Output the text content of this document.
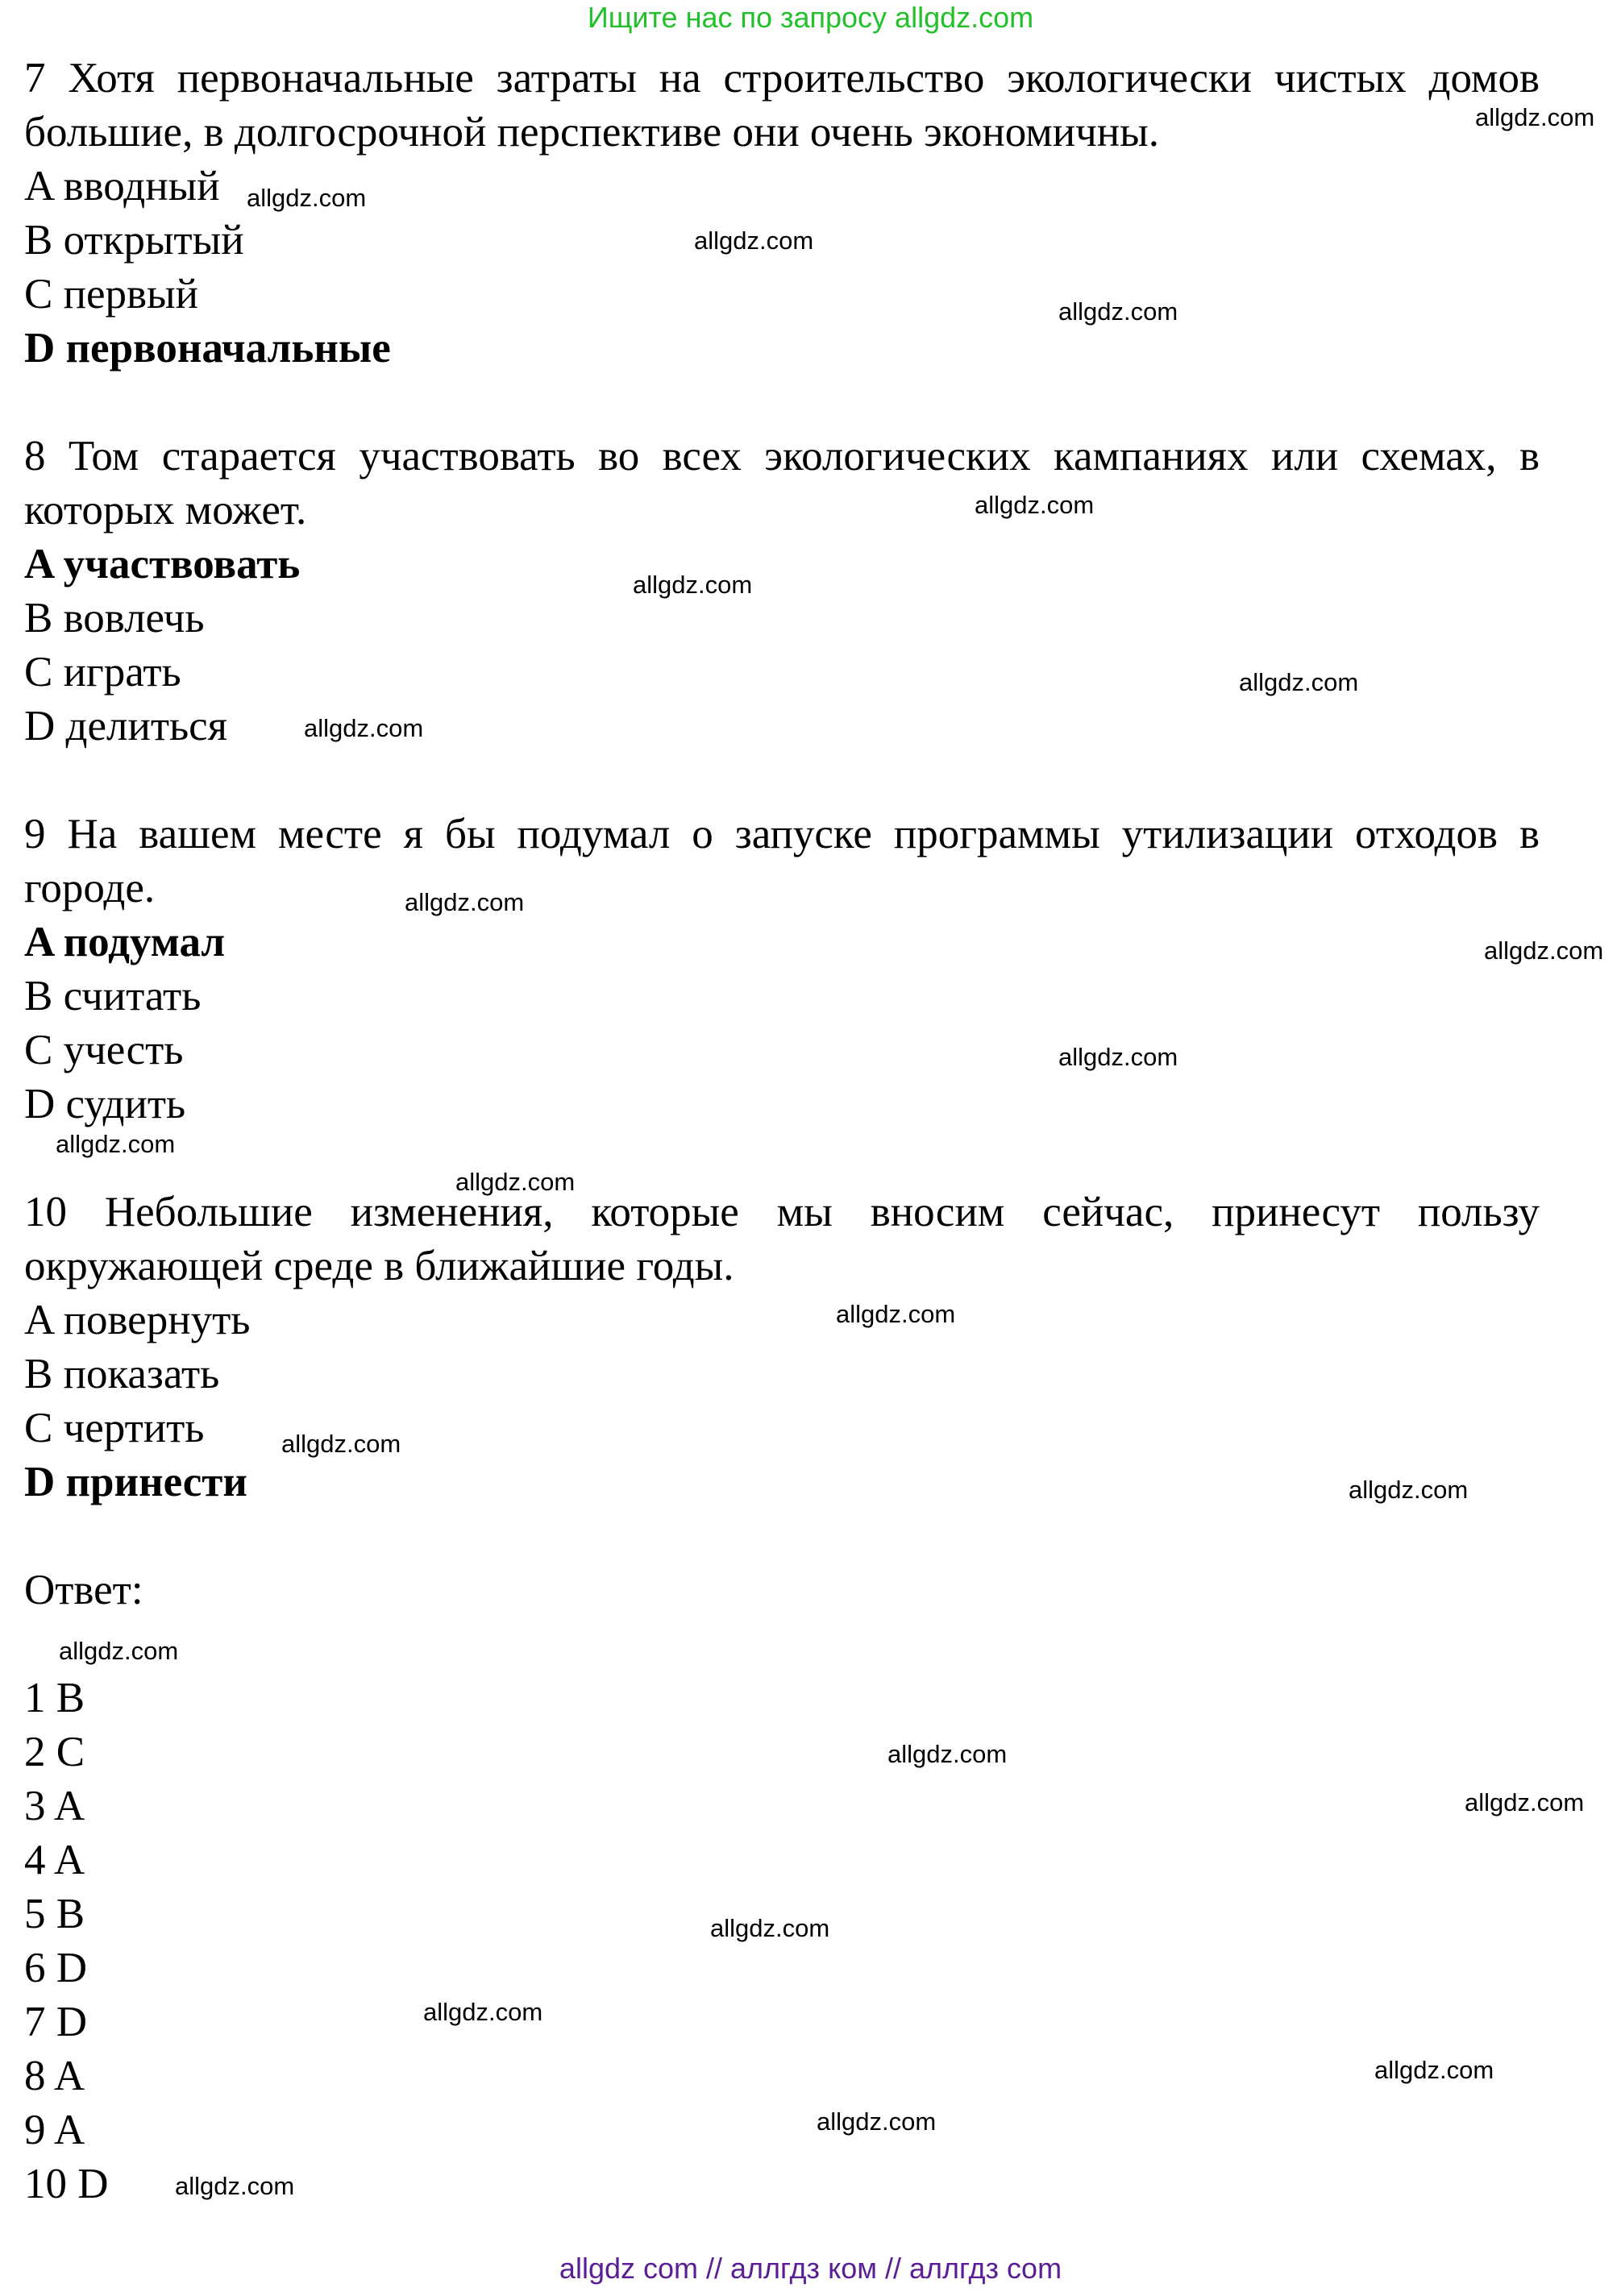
Ищите нас по запросу allgdz.com
7 Хотя первоначальные затраты на строительство экологически чистых домов большие, в долгосрочной перспективе они очень экономичны.
A вводный
B открытый
C первый
D первоначальные
8 Том старается участвовать во всех экологических кампаниях или схемах, в которых может.
A участвовать
B вовлечь
C играть
D делиться
9 На вашем месте я бы подумал о запуске программы утилизации отходов в городе.
A подумал
B считать
C учесть
D судить
10 Небольшие изменения, которые мы вносим сейчас, принесут пользу окружающей среде в ближайшие годы.
A повернуть
B показать
C чертить
D принести
Ответ:
1 B
2 C
3 A
4 A
5 B
6 D
7 D
8 A
9 A
10 D
allgdz.com
allgdz.com
allgdz.com
allgdz.com
allgdz.com
allgdz.com
allgdz.com
allgdz.com
allgdz.com
allgdz.com
allgdz.com
allgdz.com
allgdz.com
allgdz.com
allgdz.com
allgdz.com
allgdz.com
allgdz.com
allgdz.com
allgdz.com
allgdz.com
allgdz.com
allgdz.com
allgdz.com
allgdz com // аллгдз ком // аллгдз com
